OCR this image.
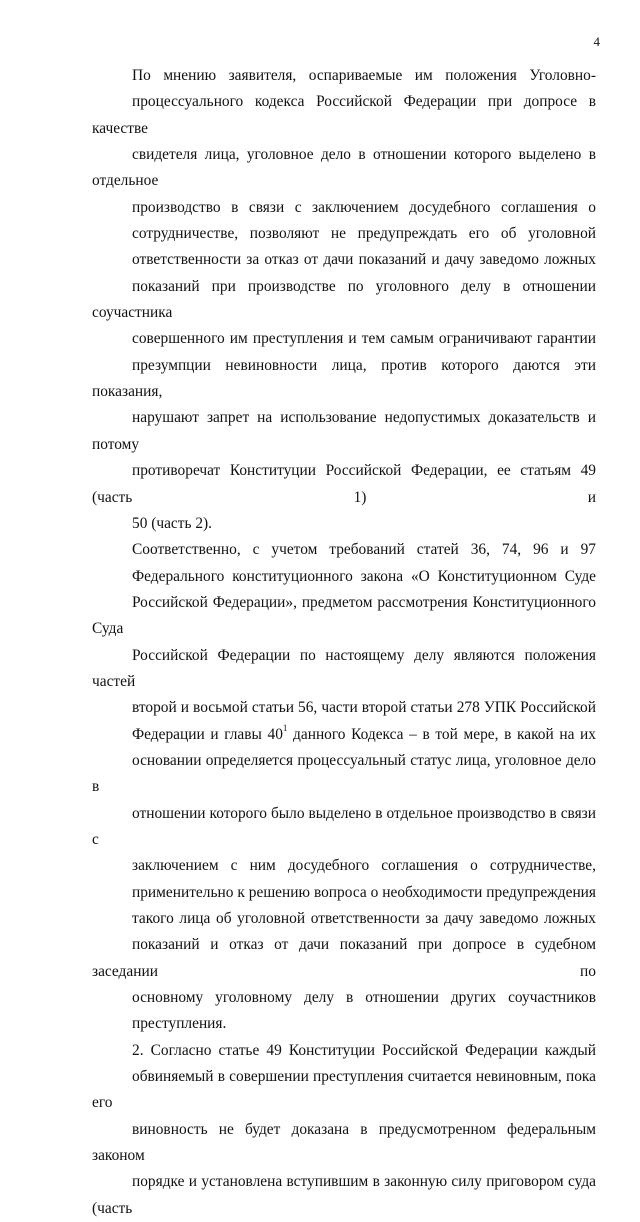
4

По мнению заявителя, оспариваемые им положения Уголовно-
процессуального кодекса Российской Федерации при допросе в качестве
свидетеля лица, уголовное дело в отношении которого выделено в отдельное
производство в связи с заключением досудебного соглашения о
сотрудничестве, позволяют не предупреждать его об уголовной
ответственности за отказ от дачи показаний и дачу заведомо ложных
показаний при производстве по уголовного делу в отношении соучастника
совершенного им преступления и тем самым ограничивают гарантии
презумпции невиновности лица, против которого даются эти показания,
нарушают запрет на использование недопустимых доказательств и потому
противоречат Конституции Российской Федерации, ее статьям 49 (часть 1) и
50 (часть 2).

Соответственно, с учетом требований статей 36, 74, 96 и 97
Федерального конституционного закона «О Конституционном Суде
Российской Федерации», предметом рассмотрения Конституционного Суда
Российской Федерации по настоящему делу являются положения частей
второй и восьмой статьи 56, части второй статьи 278 УПК Российской
Федерации и главы $40^1$ данного Кодекса – в той мере, в какой на их
основании определяется процессуальный статус лица, уголовное дело в
отношении которого было выделено в отдельное производство в связи с
заключением с ним досудебного соглашения о сотрудничестве,
применительно к решению вопроса о необходимости предупреждения
такого лица об уголовной ответственности за дачу заведомо ложных
показаний и отказ от дачи показаний при допросе в судебном заседании по
основному уголовному делу в отношении других соучастников
преступления.

2. Согласно статье 49 Конституции Российской Федерации каждый
обвиняемый в совершении преступления считается невиновным, пока его
виновность не будет доказана в предусмотренном федеральным законом
порядке и установлена вступившим в законную силу приговором суда (часть
